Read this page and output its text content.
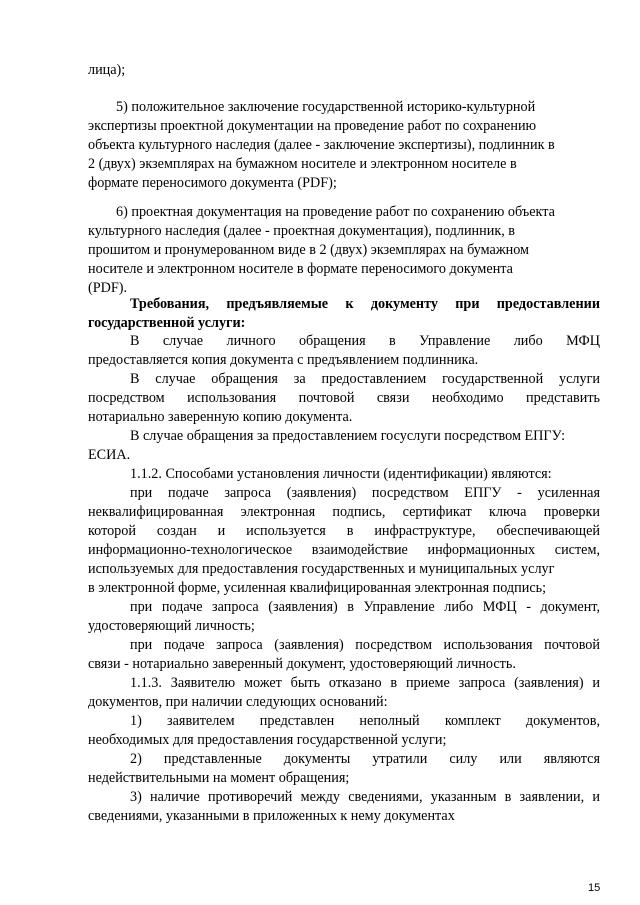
лица);
5) положительное заключение государственной историко-культурной
экспертизы проектной документации на проведение работ по сохранению
объекта культурного наследия (далее - заключение экспертизы), подлинник в
2 (двух) экземплярах на бумажном носителе и электронном носителе в
формате переносимого документа (PDF);
6) проектная документация на проведение работ по сохранению объекта
культурного наследия (далее - проектная документация), подлинник, в
прошитом и пронумерованном виде в 2 (двух) экземплярах на бумажном
носителе и электронном носителе в формате переносимого документа
(PDF).
Требования, предъявляемые к документу при предоставлении
государственной услуги:
В случае личного обращения в Управление либо МФЦ
предоставляется копия документа с предъявлением подлинника.
В случае обращения за предоставлением государственной услуги
посредством использования почтовой связи необходимо представить
нотариально заверенную копию документа.
В случае обращения за предоставлением госуслуги посредством ЕПГУ:
ЕСИА.
1.1.2. Способами установления личности (идентификации) являются:
при подаче запроса (заявления) посредством ЕПГУ - усиленная
неквалифицированная электронная подпись, сертификат ключа проверки
которой создан и используется в инфраструктуре, обеспечивающей
информационно-технологическое взаимодействие информационных систем,
используемых для предоставления государственных и муниципальных услуг
в электронной форме, усиленная квалифицированная электронная подпись;
при подаче запроса (заявления) в Управление либо МФЦ - документ,
удостоверяющий личность;
при подаче запроса (заявления) посредством использования почтовой
связи - нотариально заверенный документ, удостоверяющий личность.
1.1.3. Заявителю может быть отказано в приеме запроса (заявления) и
документов, при наличии следующих оснований:
1) заявителем представлен неполный комплект документов,
необходимых для предоставления государственной услуги;
2) представленные документы утратили силу или являются
недействительными на момент обращения;
3) наличие противоречий между сведениями, указанным в заявлении, и
сведениями, указанными в приложенных к нему документах
15
